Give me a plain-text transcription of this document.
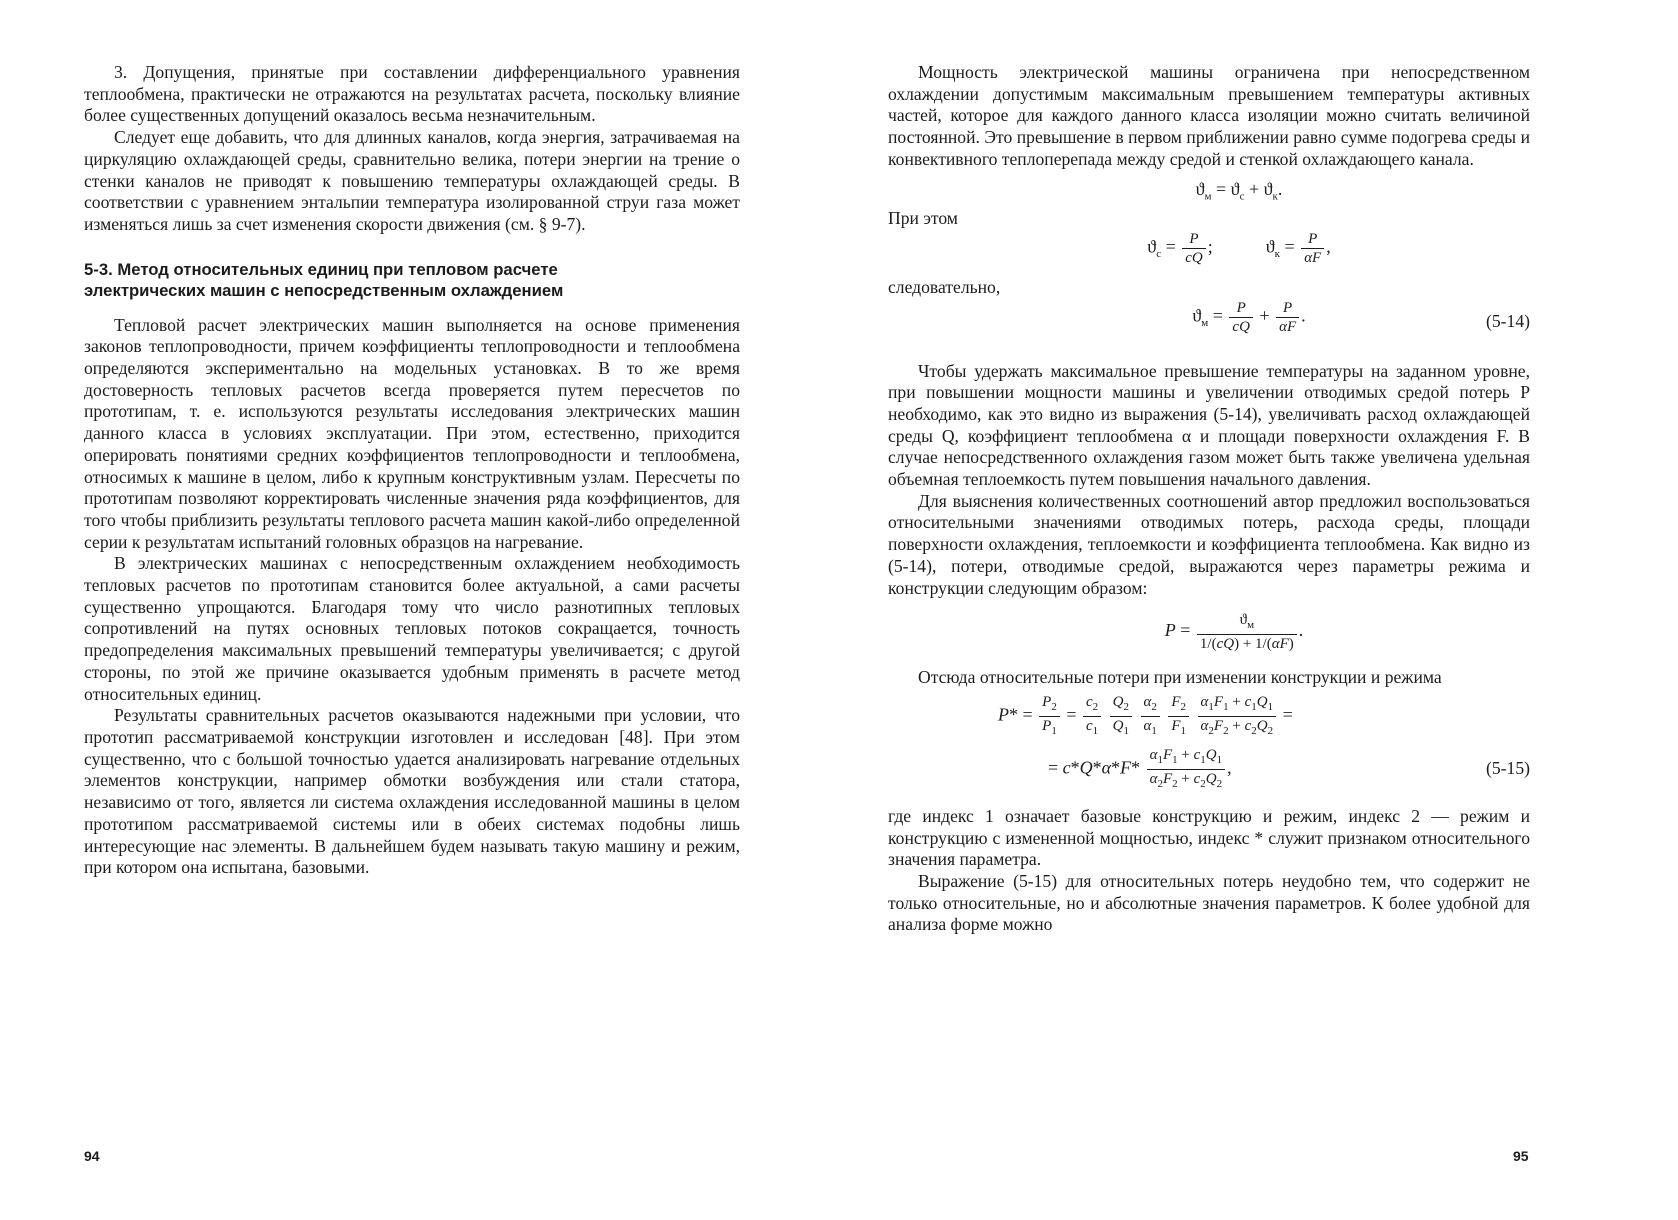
3. Допущения, принятые при составлении дифференциального уравнения теплообмена, практически не отражаются на результатах расчета, поскольку влияние более существенных допущений оказалось весьма незначительным.

Следует еще добавить, что для длинных каналов, когда энергия, затрачиваемая на циркуляцию охлаждающей среды, сравнительно велика, потери энергии на трение о стенки каналов не приводят к повышению температуры охлаждающей среды. В соответствии с уравнением энтальпии температура изолированной струи газа может изменяться лишь за счет изменения скорости движения (см. § 9-7).

5-3. Метод относительных единиц при тепловом расчете
электрических машин с непосредственным охлаждением

Тепловой расчет электрических машин выполняется на основе применения законов теплопроводности, причем коэффициенты теплопроводности и теплообмена определяются экспериментально на модельных установках. В то же время достоверность тепловых расчетов всегда проверяется путем пересчетов по прототипам, т. е. используются результаты исследования электрических машин данного класса в условиях эксплуатации. При этом, естественно, приходится оперировать понятиями средних коэффициентов теплопроводности и теплообмена, относимых к машине в целом, либо к крупным конструктивным узлам. Пересчеты по прототипам позволяют корректировать численные значения ряда коэффициентов, для того чтобы приблизить результаты теплового расчета машин какой-либо определенной серии к результатам испытаний головных образцов на нагревание.

В электрических машинах с непосредственным охлаждением необходимость тепловых расчетов по прототипам становится более актуальной, а сами расчеты существенно упрощаются. Благодаря тому что число разнотипных тепловых сопротивлений на путях основных тепловых потоков сокращается, точность предопределения максимальных превышений температуры увеличивается; с другой стороны, по этой же причине оказывается удобным применять в расчете метод относительных единиц.

Результаты сравнительных расчетов оказываются надежными при условии, что прототип рассматриваемой конструкции изготовлен и исследован [48]. При этом существенно, что с большой точностью удается анализировать нагревание отдельных элементов конструкции, например обмотки возбуждения или стали статора, независимо от того, является ли система охлаждения исследованной машины в целом прототипом рассматриваемой системы или в обеих системах подобны лишь интересующие нас элементы. В дальнейшем будем называть такую машину и режим, при котором она испытана, базовыми.

94

Мощность электрической машины ограничена при непосредственном охлаждении допустимым максимальным превышением температуры активных частей, которое для каждого данного класса изоляции можно считать величиной постоянной. Это превышение в первом приближении равно сумме подогрева среды и конвективного теплоперепада между средой и стенкой охлаждающего канала.

$ϑ_м = ϑ_с + ϑ_к$.

При этом

$ϑ_с = \frac{P}{cQ}$ ;  $ϑ_к = \frac{P}{\alpha F}$ ,

следовательно,

$ϑ_м = \frac{P}{cQ} + \frac{P}{\alpha F}$ .	(5-14)

Чтобы удержать максимальное превышение температуры на заданном уровне, при повышении мощности машины и увеличении отводимых средой потерь P необходимо, как это видно из выражения (5-14), увеличивать расход охлаждающей среды Q, коэффициент теплообмена α и площади поверхности охлаждения F. В случае непосредственного охлаждения газом может быть также увеличена удельная объемная теплоемкость путем повышения начального давления.

Для выяснения количественных соотношений автор предложил воспользоваться относительными значениями отводимых потерь, расхода среды, площади поверхности охлаждения, теплоемкости и коэффициента теплообмена. Как видно из (5-14), потери, отводимые средой, выражаются через параметры режима и конструкции следующим образом:

P =
$ϑ_м$
1/(cQ) + 1/(αF)
.

Отсюда относительные потери при изменении конструкции и режима

$P* = \frac{P_2}{P_1} = \frac{c_2}{c_1}$
$\frac{Q_2}{Q_1}$
$\frac{\alpha_2}{\alpha_1}$
$\frac{F_2}{F_1}$
$\frac{\alpha_1F_1 + c_1Q_1}{\alpha_2F_2 + c_2Q_2}$ =
= $c*Q*\alpha*F* \frac{\alpha_1F_1 + c_1Q_1}{\alpha_2F_2 + c_2Q_2}$ ,	(5-15)

где индекс 1 означает базовые конструкцию и режим, индекс 2 — режим и конструкцию с измененной мощностью, индекс * служит признаком относительного значения параметра.

Выражение (5-15) для относительных потерь неудобно тем, что содержит не только относительные, но и абсолютные значения параметров. К более удобной для анализа форме можно

95
